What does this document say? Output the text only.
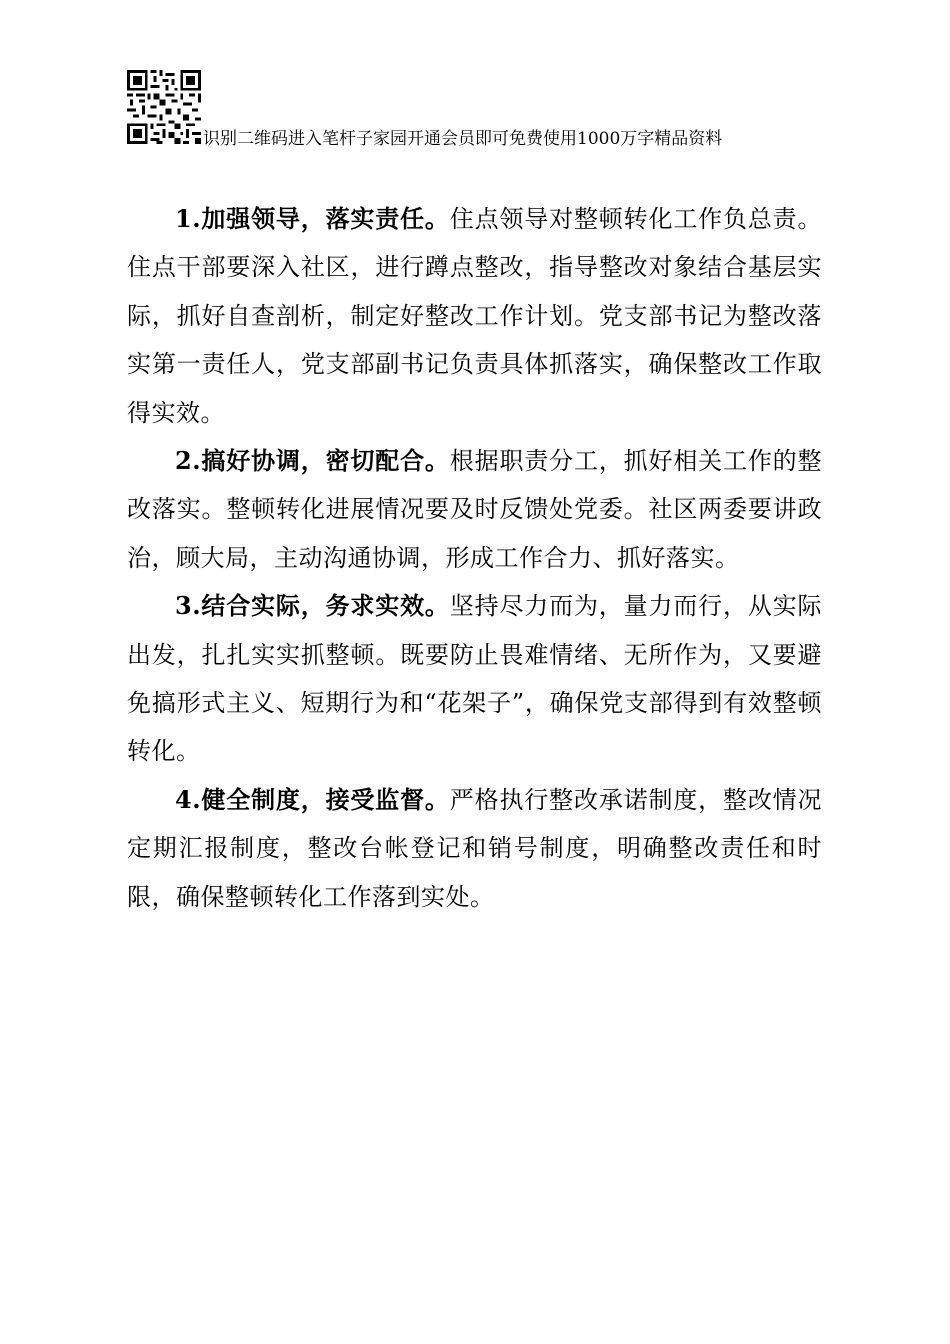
识别二维码进入笔杆子家园开通会员即可免费使用1000万字精品资料

1.加强领导，落实责任。住点领导对整顿转化工作负总责。住点干部要深入社区，进行蹲点整改，指导整改对象结合基层实际，抓好自查剖析，制定好整改工作计划。党支部书记为整改落实第一责任人，党支部副书记负责具体抓落实，确保整改工作取得实效。

2.搞好协调，密切配合。根据职责分工，抓好相关工作的整改落实。整顿转化进展情况要及时反馈处党委。社区两委要讲政治，顾大局，主动沟通协调，形成工作合力、抓好落实。

3.结合实际，务求实效。坚持尽力而为，量力而行，从实际出发，扎扎实实抓整顿。既要防止畏难情绪、无所作为，又要避免搞形式主义、短期行为和“花架子”，确保党支部得到有效整顿转化。

4.健全制度，接受监督。严格执行整改承诺制度，整改情况定期汇报制度，整改台帐登记和销号制度，明确整改责任和时限，确保整顿转化工作落到实处。
